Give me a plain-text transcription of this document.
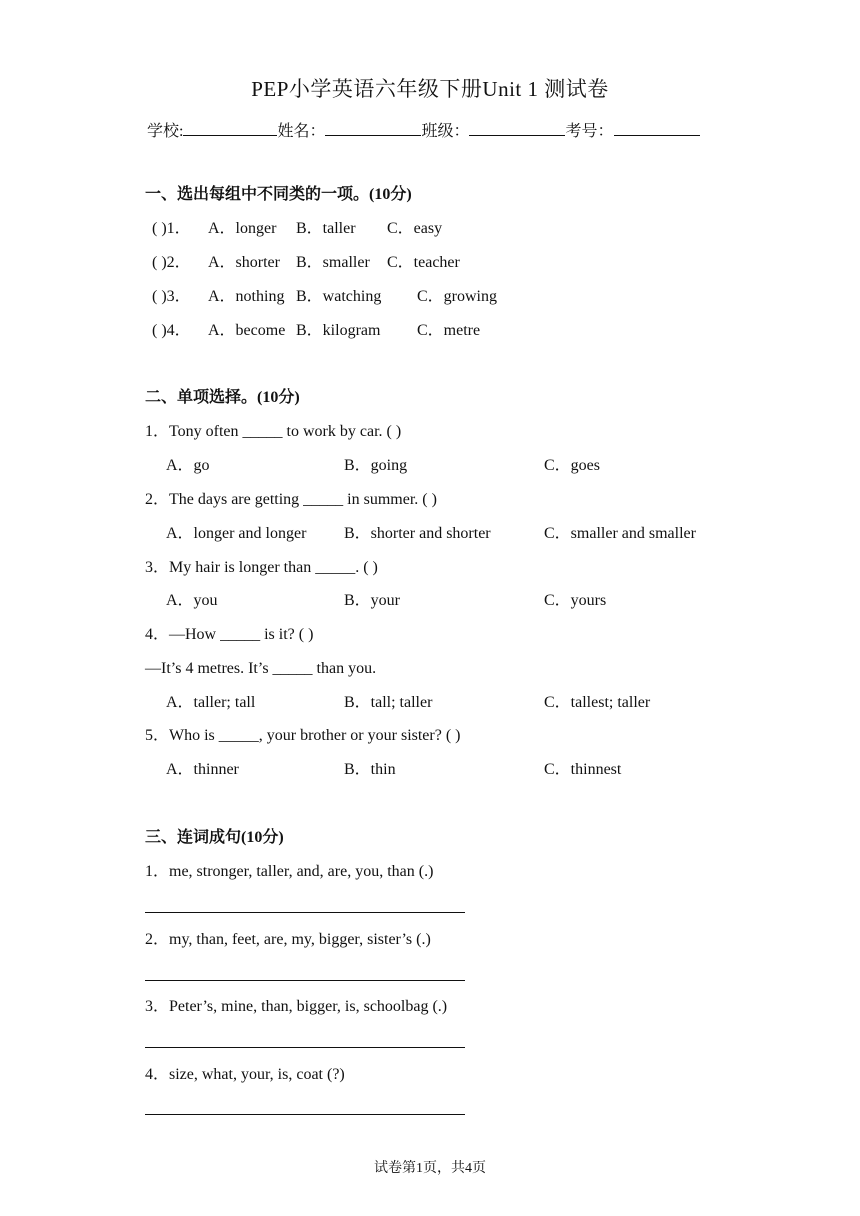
PEP小学英语六年级下册Unit 1 测试卷
学校:	姓名：	班级：	考号：
一、选出每组中不同类的一项。(10分)
( )1． A．longer B．taller C．easy
( )2． A．shorter B．smaller C．teacher
( )3． A．nothing B．watching C．growing
( )4． A．become B．kilogram C．metre
二、单项选择。(10分)
1．Tony often _____ to work by car. ( )
A．go	B．going	C．goes
2．The days are getting _____ in summer. ( )
A．longer and longer B．shorter and shorter	C．smaller and smaller
3．My hair is longer than _____. ( )
A．you	B．your	C．yours
4．—How _____ is it? ( )
—It’s 4 metres. It’s _____ than you.
A．taller; tall	B．tall; taller	C．tallest; taller
5．Who is _____, your brother or your sister? ( )
A．thinner	B．thin	C．thinnest
三、连词成句(10分)
1．me, stronger, taller, and, are, you, than (.)
2．my, than, feet, are, my, bigger, sister’s (.)
3．Peter’s, mine, than, bigger, is, schoolbag (.)
4．size, what, your, is, coat (?)
试卷第1页，共4页
